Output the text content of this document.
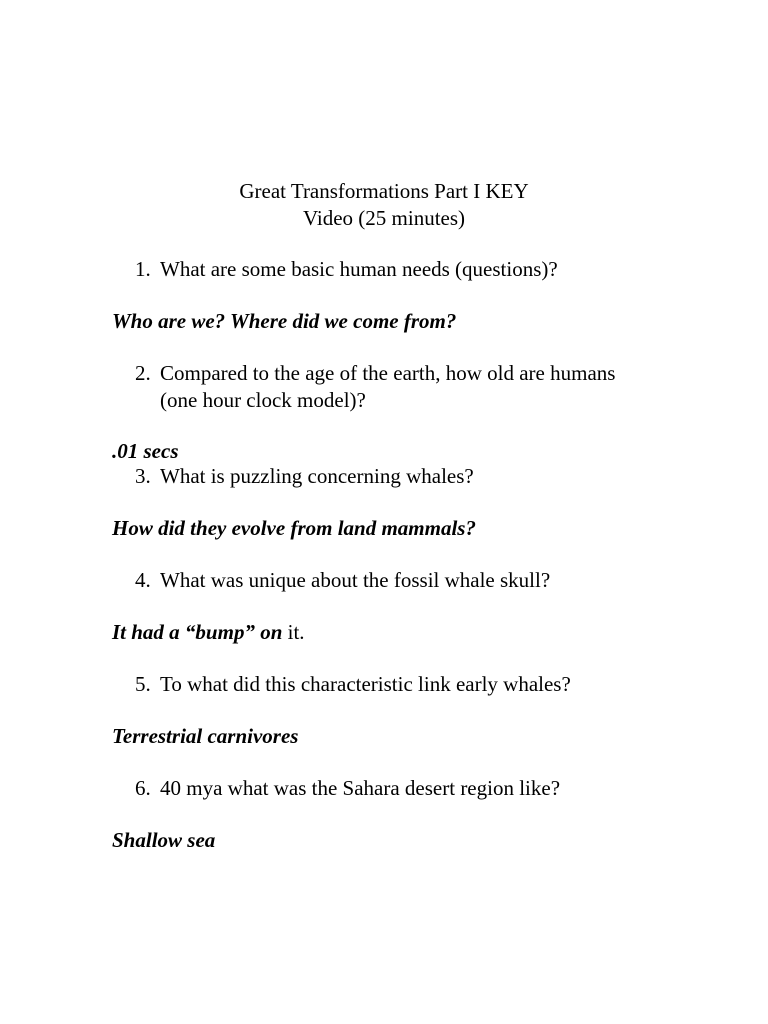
Great Transformations Part I KEY
Video (25 minutes)
1. What are some basic human needs (questions)?
Who are we? Where did we come from?
2. Compared to the age of the earth, how old are humans
(one hour clock model)?
.01 secs
3. What is puzzling concerning whales?
How did they evolve from land mammals?
4. What was unique about the fossil whale skull?
It had a “bump” on it.
5. To what did this characteristic link early whales?
Terrestrial carnivores
6. 40 mya what was the Sahara desert region like?
Shallow sea
